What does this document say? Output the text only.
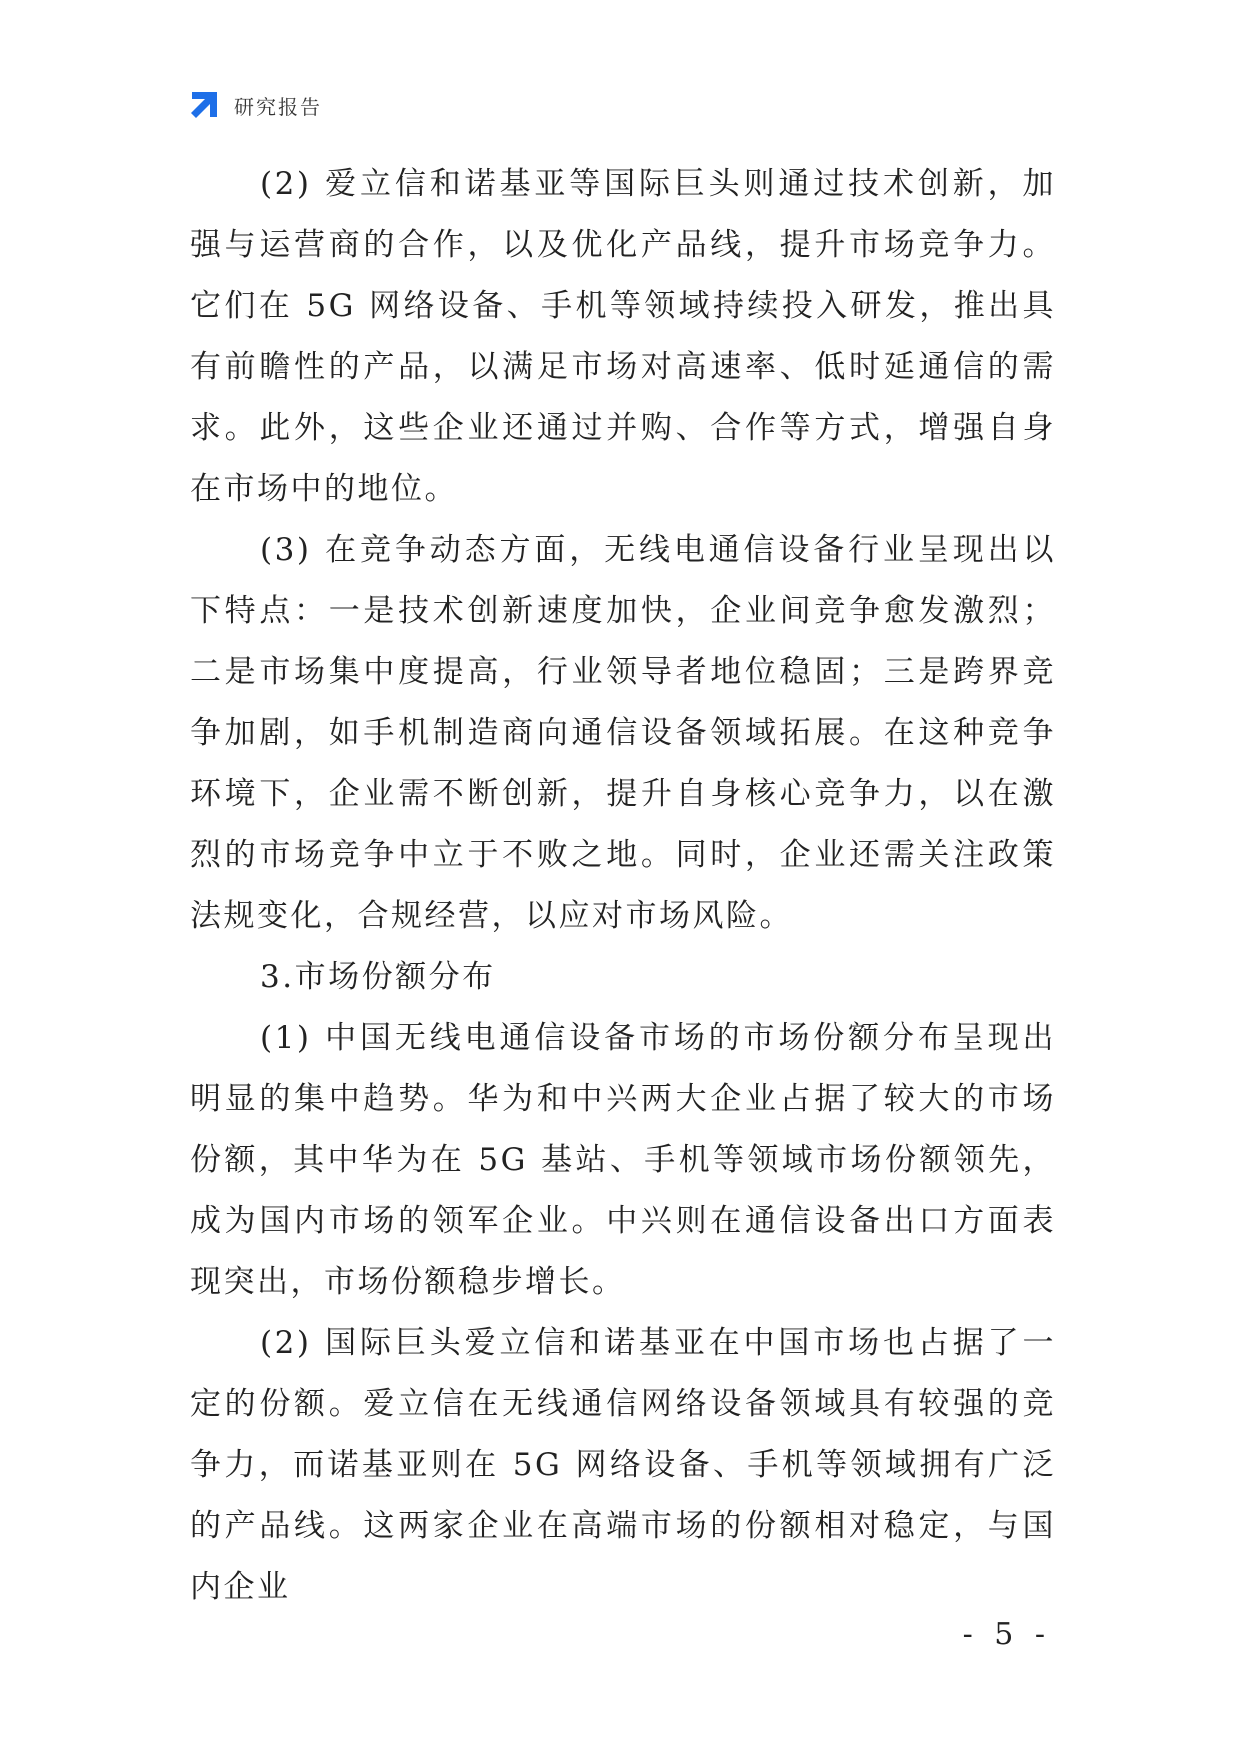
研究报告

(2) 爱立信和诺基亚等国际巨头则通过技术创新，加强与运营商的合作，以及优化产品线，提升市场竞争力。它们在 5G 网络设备、手机等领域持续投入研发，推出具有前瞻性的产品，以满足市场对高速率、低时延通信的需求。此外，这些企业还通过并购、合作等方式，增强自身在市场中的地位。

(3) 在竞争动态方面，无线电通信设备行业呈现出以下特点：一是技术创新速度加快，企业间竞争愈发激烈；二是市场集中度提高，行业领导者地位稳固；三是跨界竞争加剧，如手机制造商向通信设备领域拓展。在这种竞争环境下，企业需不断创新，提升自身核心竞争力，以在激烈的市场竞争中立于不败之地。同时，企业还需关注政策法规变化，合规经营，以应对市场风险。

3.市场份额分布

(1) 中国无线电通信设备市场的市场份额分布呈现出明显的集中趋势。华为和中兴两大企业占据了较大的市场份额，其中华为在 5G 基站、手机等领域市场份额领先，成为国内市场的领军企业。中兴则在通信设备出口方面表现突出，市场份额稳步增长。

(2) 国际巨头爱立信和诺基亚在中国市场也占据了一定的份额。爱立信在无线通信网络设备领域具有较强的竞争力，而诺基亚则在 5G 网络设备、手机等领域拥有广泛的产品线。这两家企业在高端市场的份额相对稳定，与国内企业

- 5 -
